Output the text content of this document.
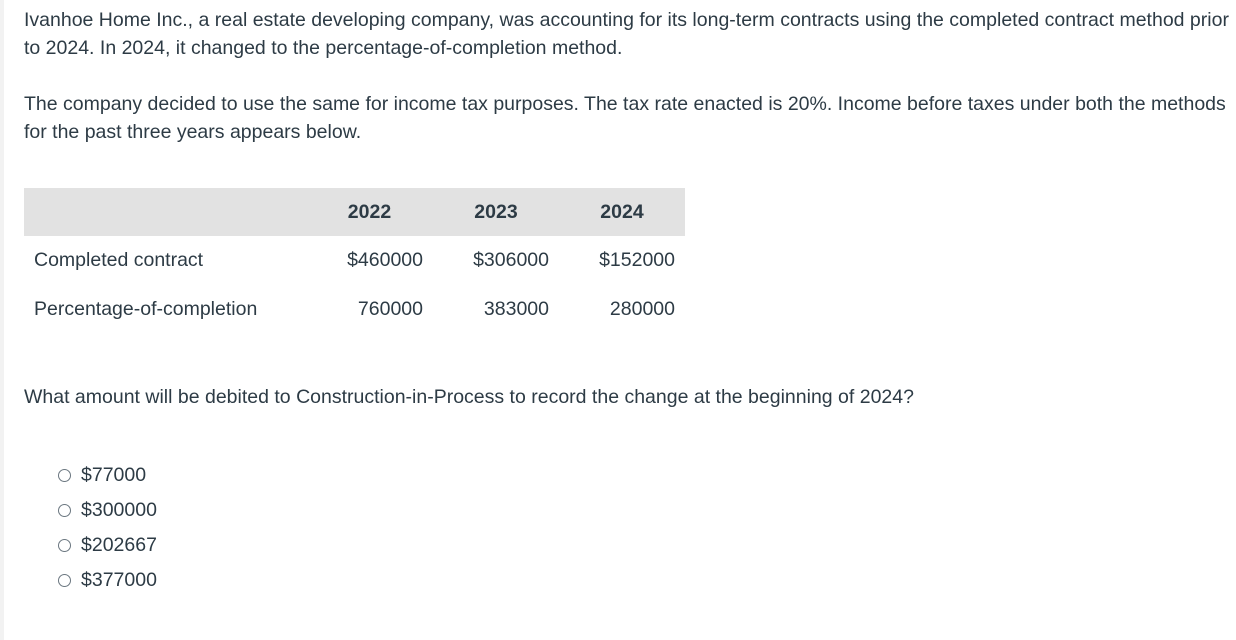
Ivanhoe Home Inc., a real estate developing company, was accounting for its long-term contracts using the completed contract method prior to 2024. In 2024, it changed to the percentage-of-completion method.

The company decided to use the same for income tax purposes. The tax rate enacted is 20%. Income before taxes under both the methods for the past three years appears below.

	2022	2023	2024
Completed contract	$460000	$306000	$152000
Percentage-of-completion	760000	383000	280000

What amount will be debited to Construction-in-Process to record the change at the beginning of 2024?

$77000
$300000
$202667
$377000
